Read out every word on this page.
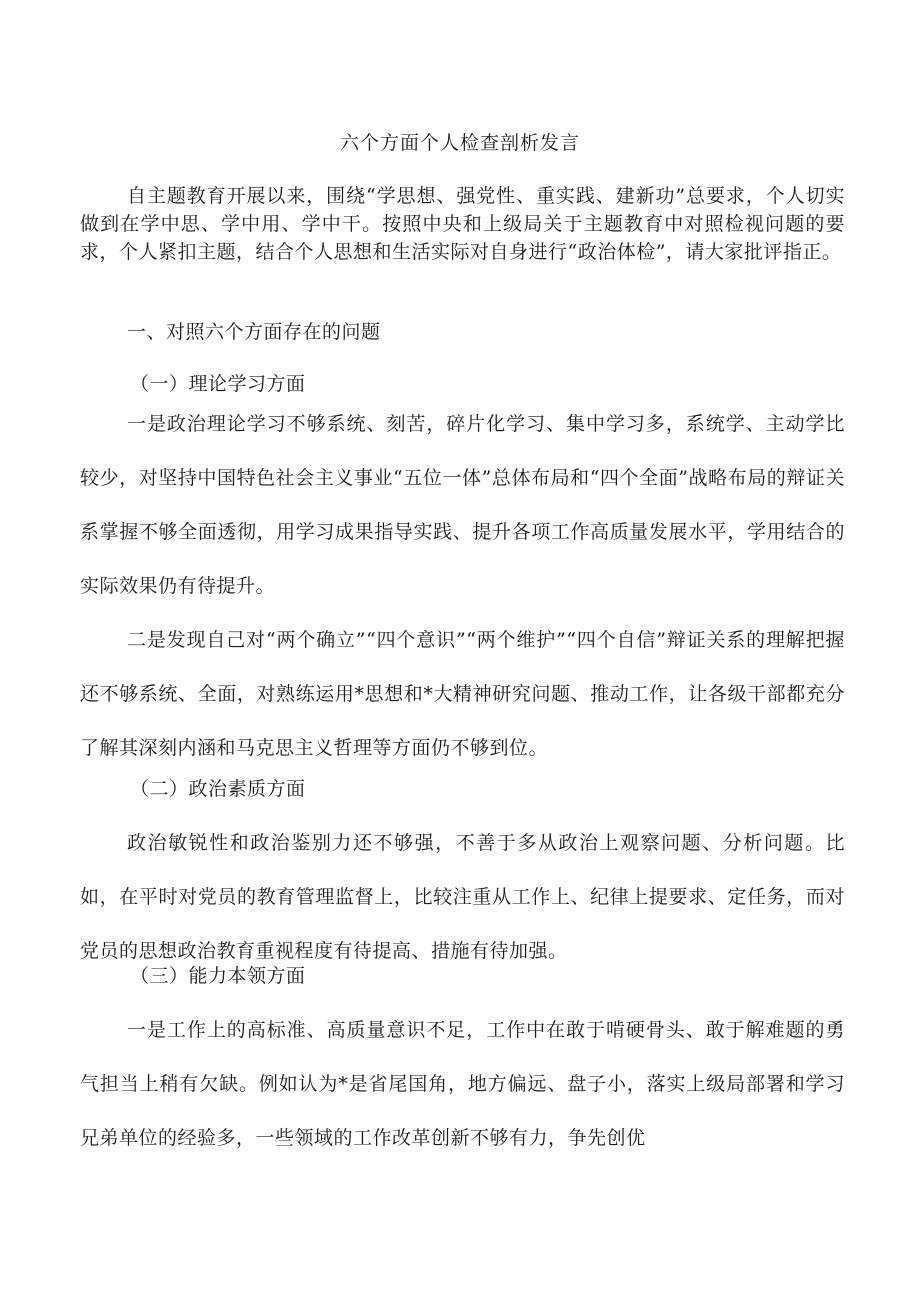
六个方面个人检查剖析发言

自主题教育开展以来，围绕“学思想、强党性、重实践、建新功”总要求，个人切实做到在学中思、学中用、学中干。按照中央和上级局关于主题教育中对照检视问题的要求，个人紧扣主题，结合个人思想和生活实际对自身进行“政治体检”，请大家批评指正。

一、对照六个方面存在的问题

（一）理论学习方面

一是政治理论学习不够系统、刻苦，碎片化学习、集中学习多，系统学、主动学比较少，对坚持中国特色社会主义事业“五位一体”总体布局和“四个全面”战略布局的辩证关系掌握不够全面透彻，用学习成果指导实践、提升各项工作高质量发展水平，学用结合的实际效果仍有待提升。

二是发现自己对“两个确立”“四个意识”“两个维护”“四个自信”辩证关系的理解把握还不够系统、全面，对熟练运用*思想和*大精神研究问题、推动工作，让各级干部都充分了解其深刻内涵和马克思主义哲理等方面仍不够到位。

（二）政治素质方面

政治敏锐性和政治鉴别力还不够强，不善于多从政治上观察问题、分析问题。比如，在平时对党员的教育管理监督上，比较注重从工作上、纪律上提要求、定任务，而对党员的思想政治教育重视程度有待提高、措施有待加强。

（三）能力本领方面

一是工作上的高标准、高质量意识不足，工作中在敢于啃硬骨头、敢于解难题的勇气担当上稍有欠缺。例如认为*是省尾国角，地方偏远、盘子小，落实上级局部署和学习兄弟单位的经验多，一些领域的工作改革创新不够有力，争先创优
